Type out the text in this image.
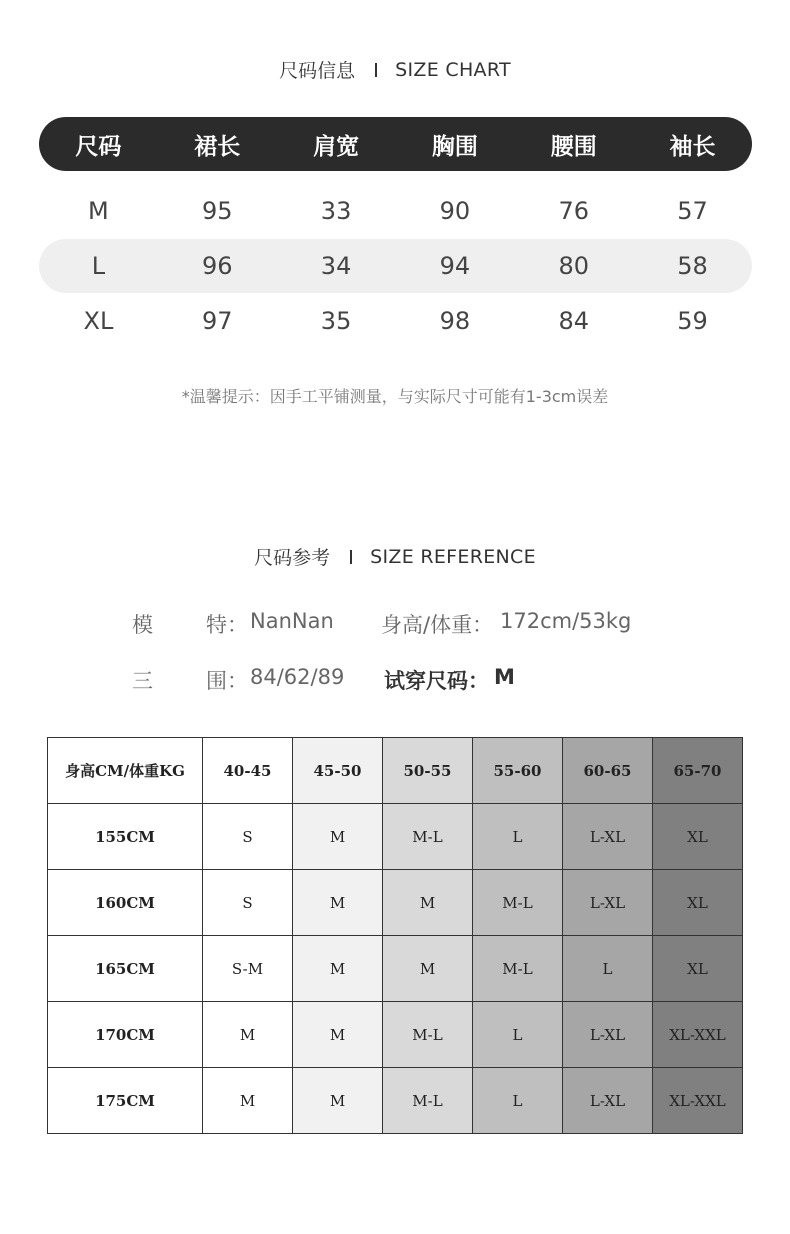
尺码信息 SIZE CHART
尺码	裙长	肩宽	胸围	腰围	袖长
M	95	33	90	76	57
L	96	34	94	80	58
XL	97	35	98	84	59
*温馨提示：因手工平铺测量，与实际尺寸可能有1-3cm误差
尺码参考 SIZE REFERENCE
模	特： NanNan 身高/体重： 172cm/53kg
三	围： 84/62/89 试穿尺码： M
身高CM/体重KG	40-45	45-50	50-55	55-60	60-65	65-70
155CM	S	M	M-L	L	L-XL	XL
160CM	S	M	M	M-L	L-XL	XL
165CM	S-M	M	M	M-L	L	XL
170CM	M	M	M-L	L	L-XL	XL-XXL
175CM	M	M	M-L	L	L-XL	XL-XXL
